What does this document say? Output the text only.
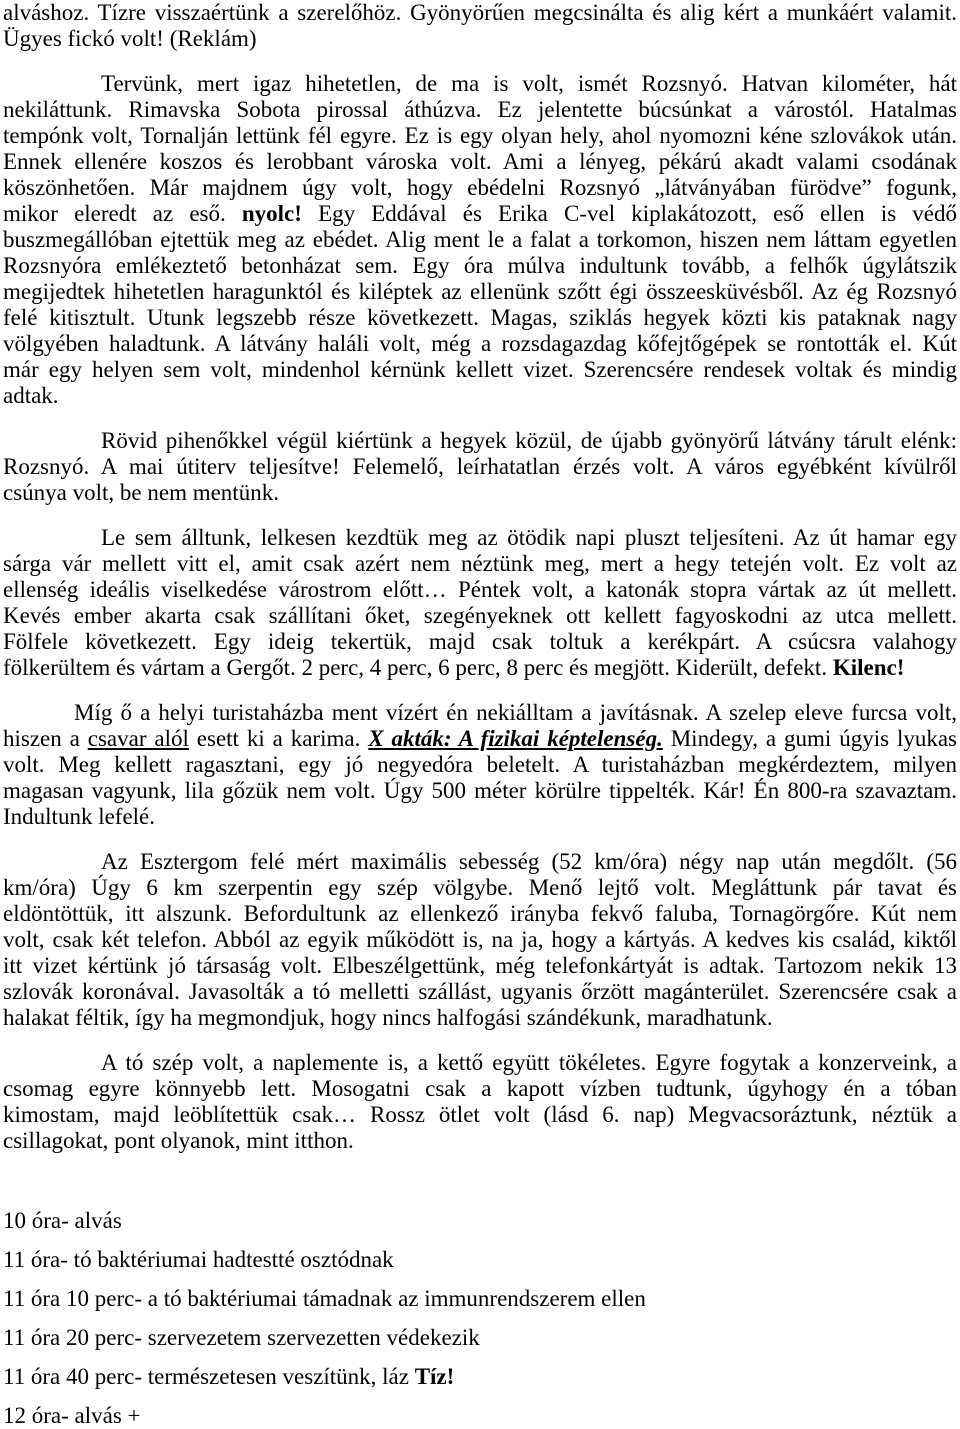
alváshoz. Tízre visszaértünk a szerelőhöz. Gyönyörűen megcsinálta és alig kért a munkáért valamit.
Ügyes fickó volt! (Reklám)
Tervünk, mert igaz hihetetlen, de ma is volt, ismét Rozsnyó. Hatvan kilométer, hát
nekiláttunk. Rimavska Sobota pirossal áthúzva. Ez jelentette búcsúnkat a várostól. Hatalmas
tempónk volt, Tornalján lettünk fél egyre. Ez is egy olyan hely, ahol nyomozni kéne szlovákok után.
Ennek ellenére koszos és lerobbant városka volt. Ami a lényeg, pékárú akadt valami csodának
köszönhetően. Már majdnem úgy volt, hogy ebédelni Rozsnyó „látványában fürödve” fogunk,
mikor eleredt az eső. nyolc! Egy Eddával és Erika C-vel kiplakátozott, eső ellen is védő
buszmegállóban ejtettük meg az ebédet. Alig ment le a falat a torkomon, hiszen nem láttam egyetlen
Rozsnyóra emlékeztető betonházat sem. Egy óra múlva indultunk tovább, a felhők úgylátszik
megijedtek hihetetlen haragunktól és kiléptek az ellenünk szőtt égi összeesküvésből. Az ég Rozsnyó
felé kitisztult. Utunk legszebb része következett. Magas, sziklás hegyek közti kis pataknak nagy
völgyében haladtunk. A látvány haláli volt, még a rozsdagazdag kőfejtőgépek se rontották el. Kút
már egy helyen sem volt, mindenhol kérnünk kellett vizet. Szerencsére rendesek voltak és mindig
adtak.
Rövid pihenőkkel végül kiértünk a hegyek közül, de újabb gyönyörű látvány tárult elénk:
Rozsnyó. A mai útiterv teljesítve! Felemelő, leírhatatlan érzés volt. A város egyébként kívülről
csúnya volt, be nem mentünk.
Le sem álltunk, lelkesen kezdtük meg az ötödik napi pluszt teljesíteni. Az út hamar egy
sárga vár mellett vitt el, amit csak azért nem néztünk meg, mert a hegy tetején volt. Ez volt az
ellenség ideális viselkedése várostrom előtt… Péntek volt, a katonák stopra vártak az út mellett.
Kevés ember akarta csak szállítani őket, szegényeknek ott kellett fagyoskodni az utca mellett.
Fölfele következett. Egy ideig tekertük, majd csak toltuk a kerékpárt. A csúcsra valahogy
fölkerültem és vártam a Gergőt. 2 perc, 4 perc, 6 perc, 8 perc és megjött. Kiderült, defekt. Kilenc!
Míg ő a helyi turistaházba ment vízért én nekiálltam a javításnak. A szelep eleve furcsa volt,
hiszen a csavar alól esett ki a karima. X akták: A fizikai képtelenség. Mindegy, a gumi úgyis lyukas
volt. Meg kellett ragasztani, egy jó negyedóra beletelt. A turistaházban megkérdeztem, milyen
magasan vagyunk, lila gőzük nem volt. Úgy 500 méter körülre tippelték. Kár! Én 800-ra szavaztam.
Indultunk lefelé.
Az Esztergom felé mért maximális sebesség (52 km/óra) négy nap után megdőlt. (56
km/óra) Úgy 6 km szerpentin egy szép völgybe. Menő lejtő volt. Megláttunk pár tavat és
eldöntöttük, itt alszunk. Befordultunk az ellenkező irányba fekvő faluba, Tornagörgőre. Kút nem
volt, csak két telefon. Abból az egyik működött is, na ja, hogy a kártyás. A kedves kis család, kiktől
itt vizet kértünk jó társaság volt. Elbeszélgettünk, még telefonkártyát is adtak. Tartozom nekik 13
szlovák koronával. Javasolták a tó melletti szállást, ugyanis őrzött magánterület. Szerencsére csak a
halakat féltik, így ha megmondjuk, hogy nincs halfogási szándékunk, maradhatunk.
A tó szép volt, a naplemente is, a kettő együtt tökéletes. Egyre fogytak a konzerveink, a
csomag egyre könnyebb lett. Mosogatni csak a kapott vízben tudtunk, úgyhogy én a tóban
kimostam, majd leöblítettük csak… Rossz ötlet volt (lásd 6. nap) Megvacsoráztunk, néztük a
csillagokat, pont olyanok, mint itthon.
10 óra- alvás
11 óra- tó baktériumai hadtestté osztódnak
11 óra 10 perc- a tó baktériumai támadnak az immunrendszerem ellen
11 óra 20 perc- szervezetem szervezetten védekezik
11 óra 40 perc- természetesen veszítünk, láz Tíz!
12 óra- alvás +
